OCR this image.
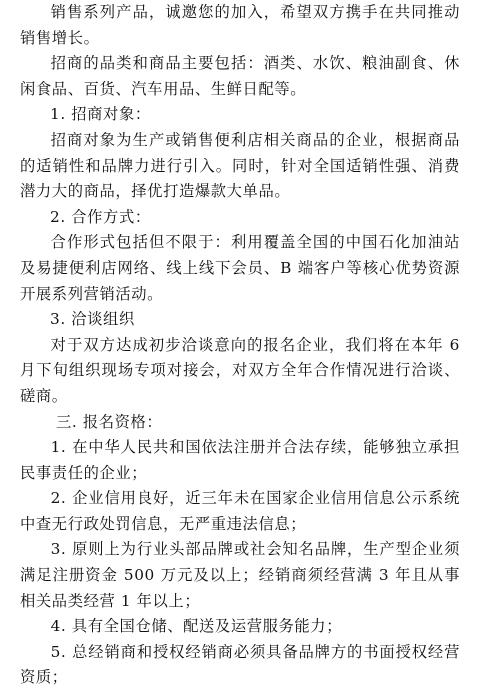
销售系列产品，诚邀您的加入，希望双方携手在共同推动销售增长。

招商的品类和商品主要包括：酒类、水饮、粮油副食、休闲食品、百货、汽车用品、生鲜日配等。

1. 招商对象：

招商对象为生产或销售便利店相关商品的企业，根据商品的适销性和品牌力进行引入。同时，针对全国适销性强、消费潜力大的商品，择优打造爆款大单品。

2. 合作方式：

合作形式包括但不限于：利用覆盖全国的中国石化加油站及易捷便利店网络、线上线下会员、B 端客户等核心优势资源开展系列营销活动。

3. 洽谈组织

对于双方达成初步洽谈意向的报名企业，我们将在本年 6 月下旬组织现场专项对接会，对双方全年合作情况进行洽谈、磋商。

三. 报名资格：

1. 在中华人民共和国依法注册并合法存续，能够独立承担民事责任的企业；

2. 企业信用良好，近三年未在国家企业信用信息公示系统中查无行政处罚信息，无严重违法信息；

3. 原则上为行业头部品牌或社会知名品牌，生产型企业须满足注册资金 500 万元及以上；经销商须经营满 3 年且从事相关品类经营 1 年以上；

4. 具有全国仓储、配送及运营服务能力；

5. 总经销商和授权经销商必须具备品牌方的书面授权经营资质；
